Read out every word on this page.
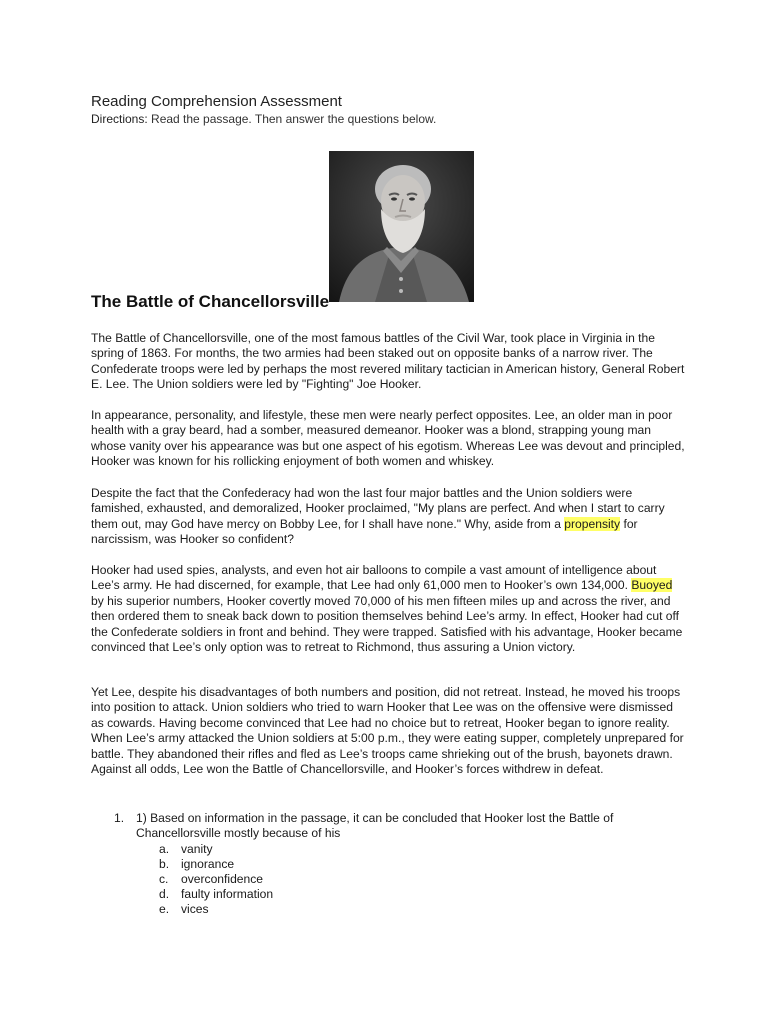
Reading Comprehension Assessment
Directions: Read the passage. Then answer the questions below.
The Battle of Chancellorsville

The Battle of Chancellorsville, one of the most famous battles of the Civil War, took place in Virginia in the spring of 1863. For months, the two armies had been staked out on opposite banks of a narrow river. The Confederate troops were led by perhaps the most revered military tactician in American history, General Robert E. Lee. The Union soldiers were led by "Fighting" Joe Hooker.

In appearance, personality, and lifestyle, these men were nearly perfect opposites. Lee, an older man in poor health with a gray beard, had a somber, measured demeanor. Hooker was a blond, strapping young man whose vanity over his appearance was but one aspect of his egotism. Whereas Lee was devout and principled, Hooker was known for his rollicking enjoyment of both women and whiskey.

Despite the fact that the Confederacy had won the last four major battles and the Union soldiers were famished, exhausted, and demoralized, Hooker proclaimed, "My plans are perfect. And when I start to carry them out, may God have mercy on Bobby Lee, for I shall have none." Why, aside from a propensity for narcissism, was Hooker so confident?

Hooker had used spies, analysts, and even hot air balloons to compile a vast amount of intelligence about Lee’s army. He had discerned, for example, that Lee had only 61,000 men to Hooker’s own 134,000. Buoyed by his superior numbers, Hooker covertly moved 70,000 of his men fifteen miles up and across the river, and then ordered them to sneak back down to position themselves behind Lee’s army. In effect, Hooker had cut off the Confederate soldiers in front and behind. They were trapped. Satisfied with his advantage, Hooker became convinced that Lee’s only option was to retreat to Richmond, thus assuring a Union victory.

Yet Lee, despite his disadvantages of both numbers and position, did not retreat. Instead, he moved his troops into position to attack. Union soldiers who tried to warn Hooker that Lee was on the offensive were dismissed as cowards. Having become convinced that Lee had no choice but to retreat, Hooker began to ignore reality. When Lee’s army attacked the Union soldiers at 5:00 p.m., they were eating supper, completely unprepared for battle. They abandoned their rifles and fled as Lee’s troops came shrieking out of the brush, bayonets drawn. Against all odds, Lee won the Battle of Chancellorsville, and Hooker’s forces withdrew in defeat.

1. 1) Based on information in the passage, it can be concluded that Hooker lost the Battle of Chancellorsville mostly because of his
a. vanity
b. ignorance
c. overconfidence
d. faulty information
e. vices
